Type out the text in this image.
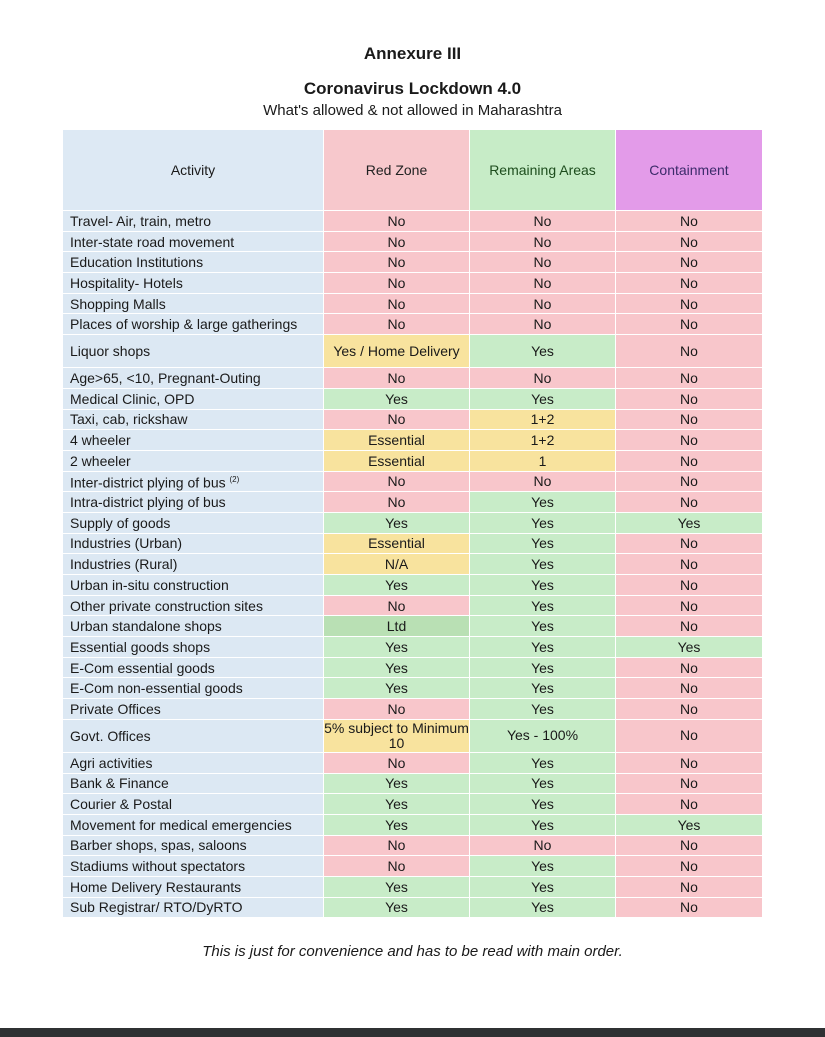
Annexure III
Coronavirus Lockdown 4.0
What's allowed & not allowed in Maharashtra
Activity	Red Zone	Remaining Areas	Containment
Travel- Air, train, metro	No	No	No
Inter-state road movement	No	No	No
Education Institutions	No	No	No
Hospitality- Hotels	No	No	No
Shopping Malls	No	No	No
Places of worship & large gatherings	No	No	No
Liquor shops	Yes / Home Delivery	Yes	No
Age>65, <10, Pregnant-Outing	No	No	No
Medical Clinic, OPD	Yes	Yes	No
Taxi, cab, rickshaw	No	1+2	No
4 wheeler	Essential	1+2	No
2 wheeler	Essential	1	No
Inter-district plying of bus $^{(2)}$	No	No	No
Intra-district plying of bus	No	Yes	No
Supply of goods	Yes	Yes	Yes
Industries (Urban)	Essential	Yes	No
Industries (Rural)	N/A	Yes	No
Urban in-situ construction	Yes	Yes	No
Other private construction sites	No	Yes	No
Urban standalone shops	Ltd	Yes	No
Essential goods shops	Yes	Yes	Yes
E-Com essential goods	Yes	Yes	No
E-Com non-essential goods	Yes	Yes	No
Private Offices	No	Yes	No
Govt. Offices	5% subject to Minimum 10	Yes - 100%	No
Agri activities	No	Yes	No
Bank & Finance	Yes	Yes	No
Courier & Postal	Yes	Yes	No
Movement for medical emergencies	Yes	Yes	Yes
Barber shops, spas, saloons	No	No	No
Stadiums without spectators	No	Yes	No
Home Delivery Restaurants	Yes	Yes	No
Sub Registrar/ RTO/DyRTO	Yes	Yes	No
This is just for convenience and has to be read with main order.
